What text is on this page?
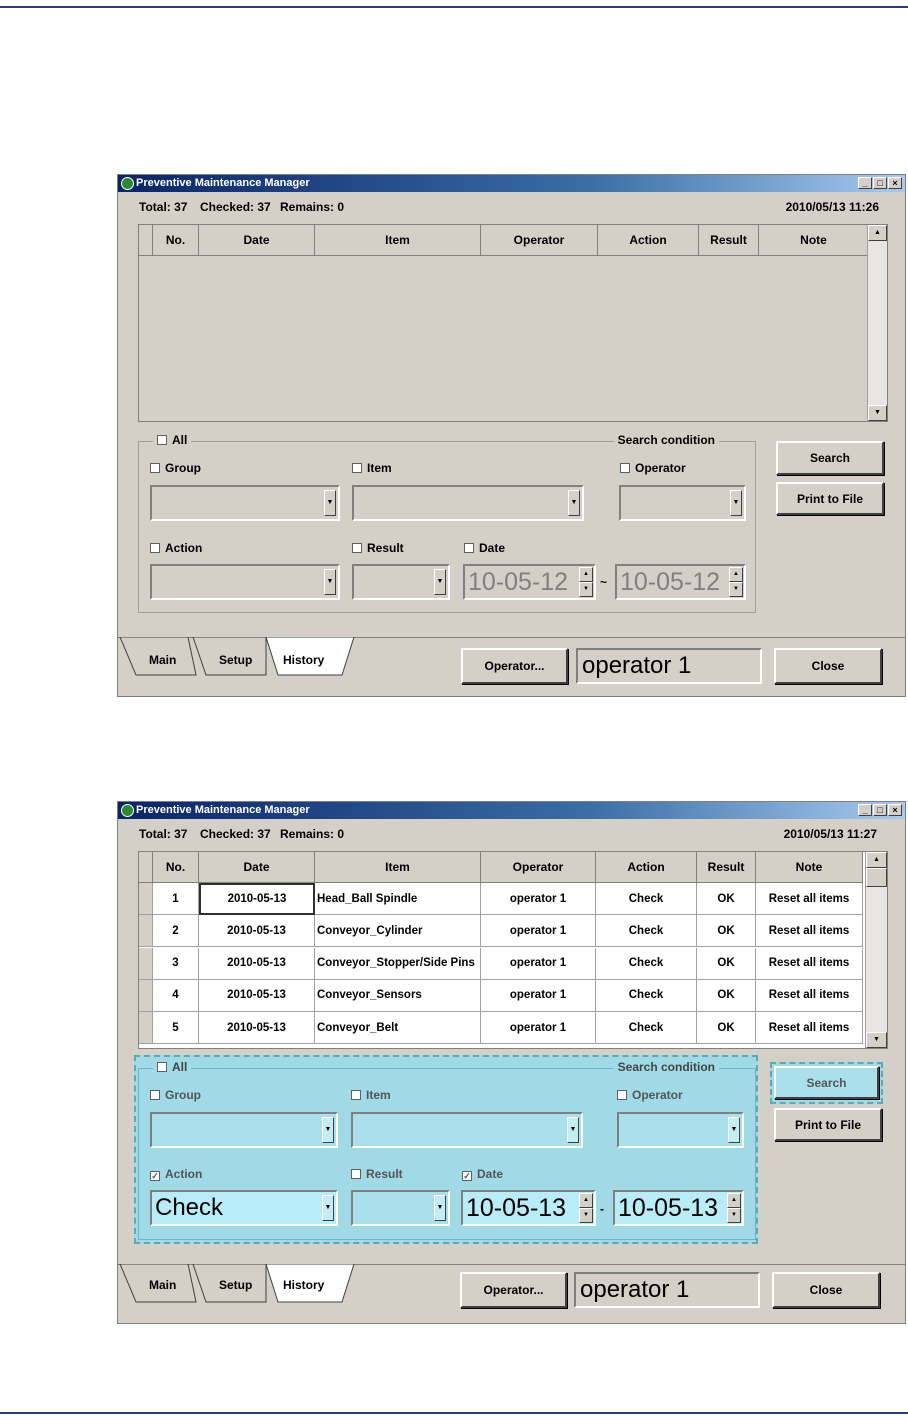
Preventive Maintenance Manager	_	□	×
Total: 37 Checked: 37 Remains: 0	2010/05/13 11:26
No.	Date	Item	Operator	Action	Result	Note
▲
▼
All	Search condition
Group	Item	Operator
▼	▼	▼
Action	Result	Date
▼	▼ 10-05-12	▲
▼ ~ 10-05-12	▲
▼
Search
Print to File
Main	Setup	History	Operator...	operator 1	Close
Preventive Maintenance Manager	_	□	×
Total: 37 Checked: 37 Remains: 0	2010/05/13 11:27
No.	Date	Item	Operator	Action	Result	Note
1	2010-05-13	Head_Ball Spindle	operator 1	Check	OK	Reset all items
2	2010-05-13	Conveyor_Cylinder	operator 1	Check	OK	Reset all items
3	2010-05-13	Conveyor_Stopper/Side Pins	operator 1	Check	OK	Reset all items
4	2010-05-13	Conveyor_Sensors	operator 1	Check	OK	Reset all items
5	2010-05-13	Conveyor_Belt	operator 1	Check	OK	Reset all items
▲
▼
All	Search condition
Group	Item	Operator
▼	▼	▼
✓ Action	Result	✓ Date
Check	▼	▼ 10-05-13	▲
▼ - 10-05-13	▲
▼
Search
Print to File
Main	Setup	History	Operator...	operator 1	Close
